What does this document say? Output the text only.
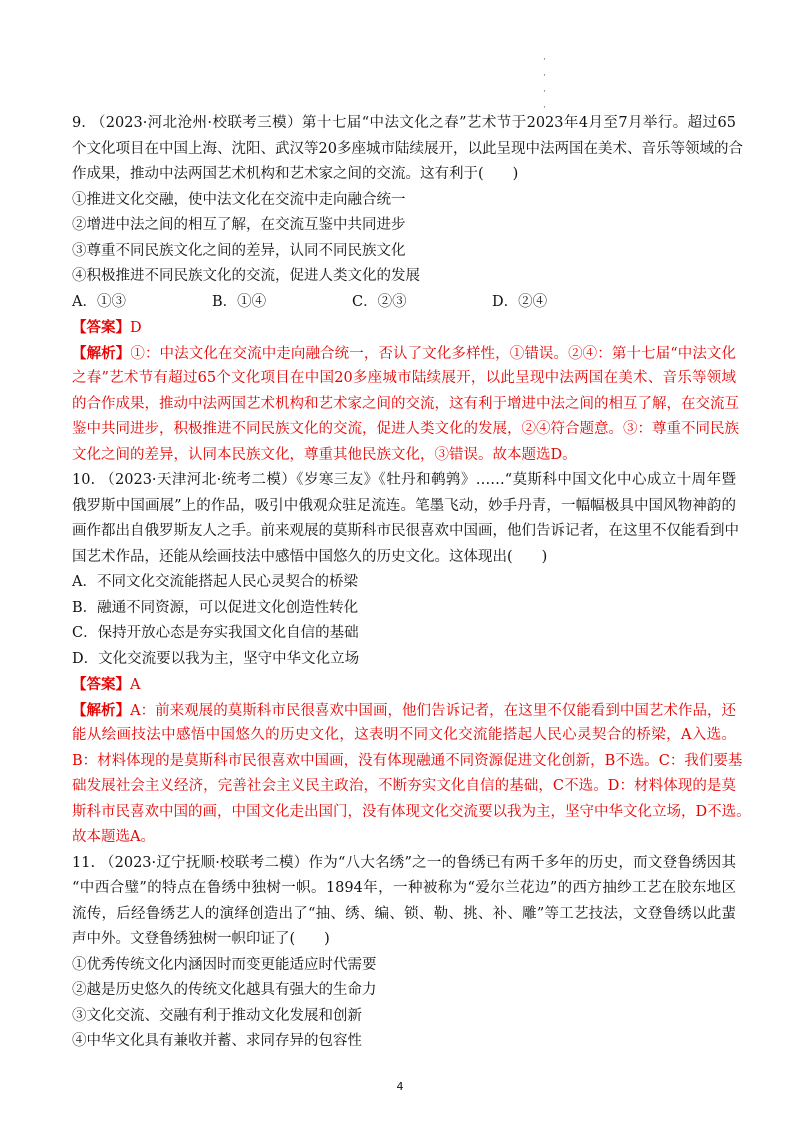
·
·
·
·
9. （2023·河北沧州·校联考三模）第十七届“中法文化之春”艺术节于2023年4月至7月举行。超过65
个文化项目在中国上海、沈阳、武汉等20多座城市陆续展开，以此呈现中法两国在美术、音乐等领域的合
作成果，推动中法两国艺术机构和艺术家之间的交流。这有利于(　　)
①推进文化交融，使中法文化在交流中走向融合统一
②增进中法之间的相互了解，在交流互鉴中共同进步
③尊重不同民族文化之间的差异，认同不同民族文化
④积极推进不同民族文化的交流，促进人类文化的发展
A．①③	B．①④	C．②③	D．②④
【答案】D
【解析】①：中法文化在交流中走向融合统一，否认了文化多样性，①错误。②④：第十七届“中法文化
之春”艺术节有超过65个文化项目在中国20多座城市陆续展开，以此呈现中法两国在美术、音乐等领域
的合作成果，推动中法两国艺术机构和艺术家之间的交流，这有利于增进中法之间的相互了解，在交流互
鉴中共同进步，积极推进不同民族文化的交流，促进人类文化的发展，②④符合题意。③：尊重不同民族
文化之间的差异，认同本民族文化，尊重其他民族文化，③错误。故本题选D。
10. （2023·天津河北·统考二模）《岁寒三友》《牡丹和鹌鹑》……“莫斯科中国文化中心成立十周年暨
俄罗斯中国画展”上的作品，吸引中俄观众驻足流连。笔墨飞动，妙手丹青，一幅幅极具中国风物神韵的
画作都出自俄罗斯友人之手。前来观展的莫斯科市民很喜欢中国画，他们告诉记者，在这里不仅能看到中
国艺术作品，还能从绘画技法中感悟中国悠久的历史文化。这体现出(　　)
A．不同文化交流能搭起人民心灵契合的桥梁
B．融通不同资源，可以促进文化创造性转化
C．保持开放心态是夯实我国文化自信的基础
D．文化交流要以我为主，坚守中华文化立场
【答案】A
【解析】A：前来观展的莫斯科市民很喜欢中国画，他们告诉记者，在这里不仅能看到中国艺术作品，还
能从绘画技法中感悟中国悠久的历史文化，这表明不同文化交流能搭起人民心灵契合的桥梁，A入选。
B：材料体现的是莫斯科市民很喜欢中国画，没有体现融通不同资源促进文化创新，B不选。C：我们要基
础发展社会主义经济，完善社会主义民主政治，不断夯实文化自信的基础，C不选。D：材料体现的是莫
斯科市民喜欢中国的画，中国文化走出国门，没有体现文化交流要以我为主，坚守中华文化立场，D不选。
故本题选A。
11. （2023·辽宁抚顺·校联考二模）作为“八大名绣”之一的鲁绣已有两千多年的历史，而文登鲁绣因其
“中西合璧”的特点在鲁绣中独树一帜。1894年，一种被称为“爱尔兰花边”的西方抽纱工艺在胶东地区
流传，后经鲁绣艺人的演绎创造出了“抽、绣、编、锁、勒、挑、补、雕”等工艺技法，文登鲁绣以此蜚
声中外。文登鲁绣独树一帜印证了(　　)
①优秀传统文化内涵因时而变更能适应时代需要
②越是历史悠久的传统文化越具有强大的生命力
③文化交流、交融有利于推动文化发展和创新
④中华文化具有兼收并蓄、求同存异的包容性
4
